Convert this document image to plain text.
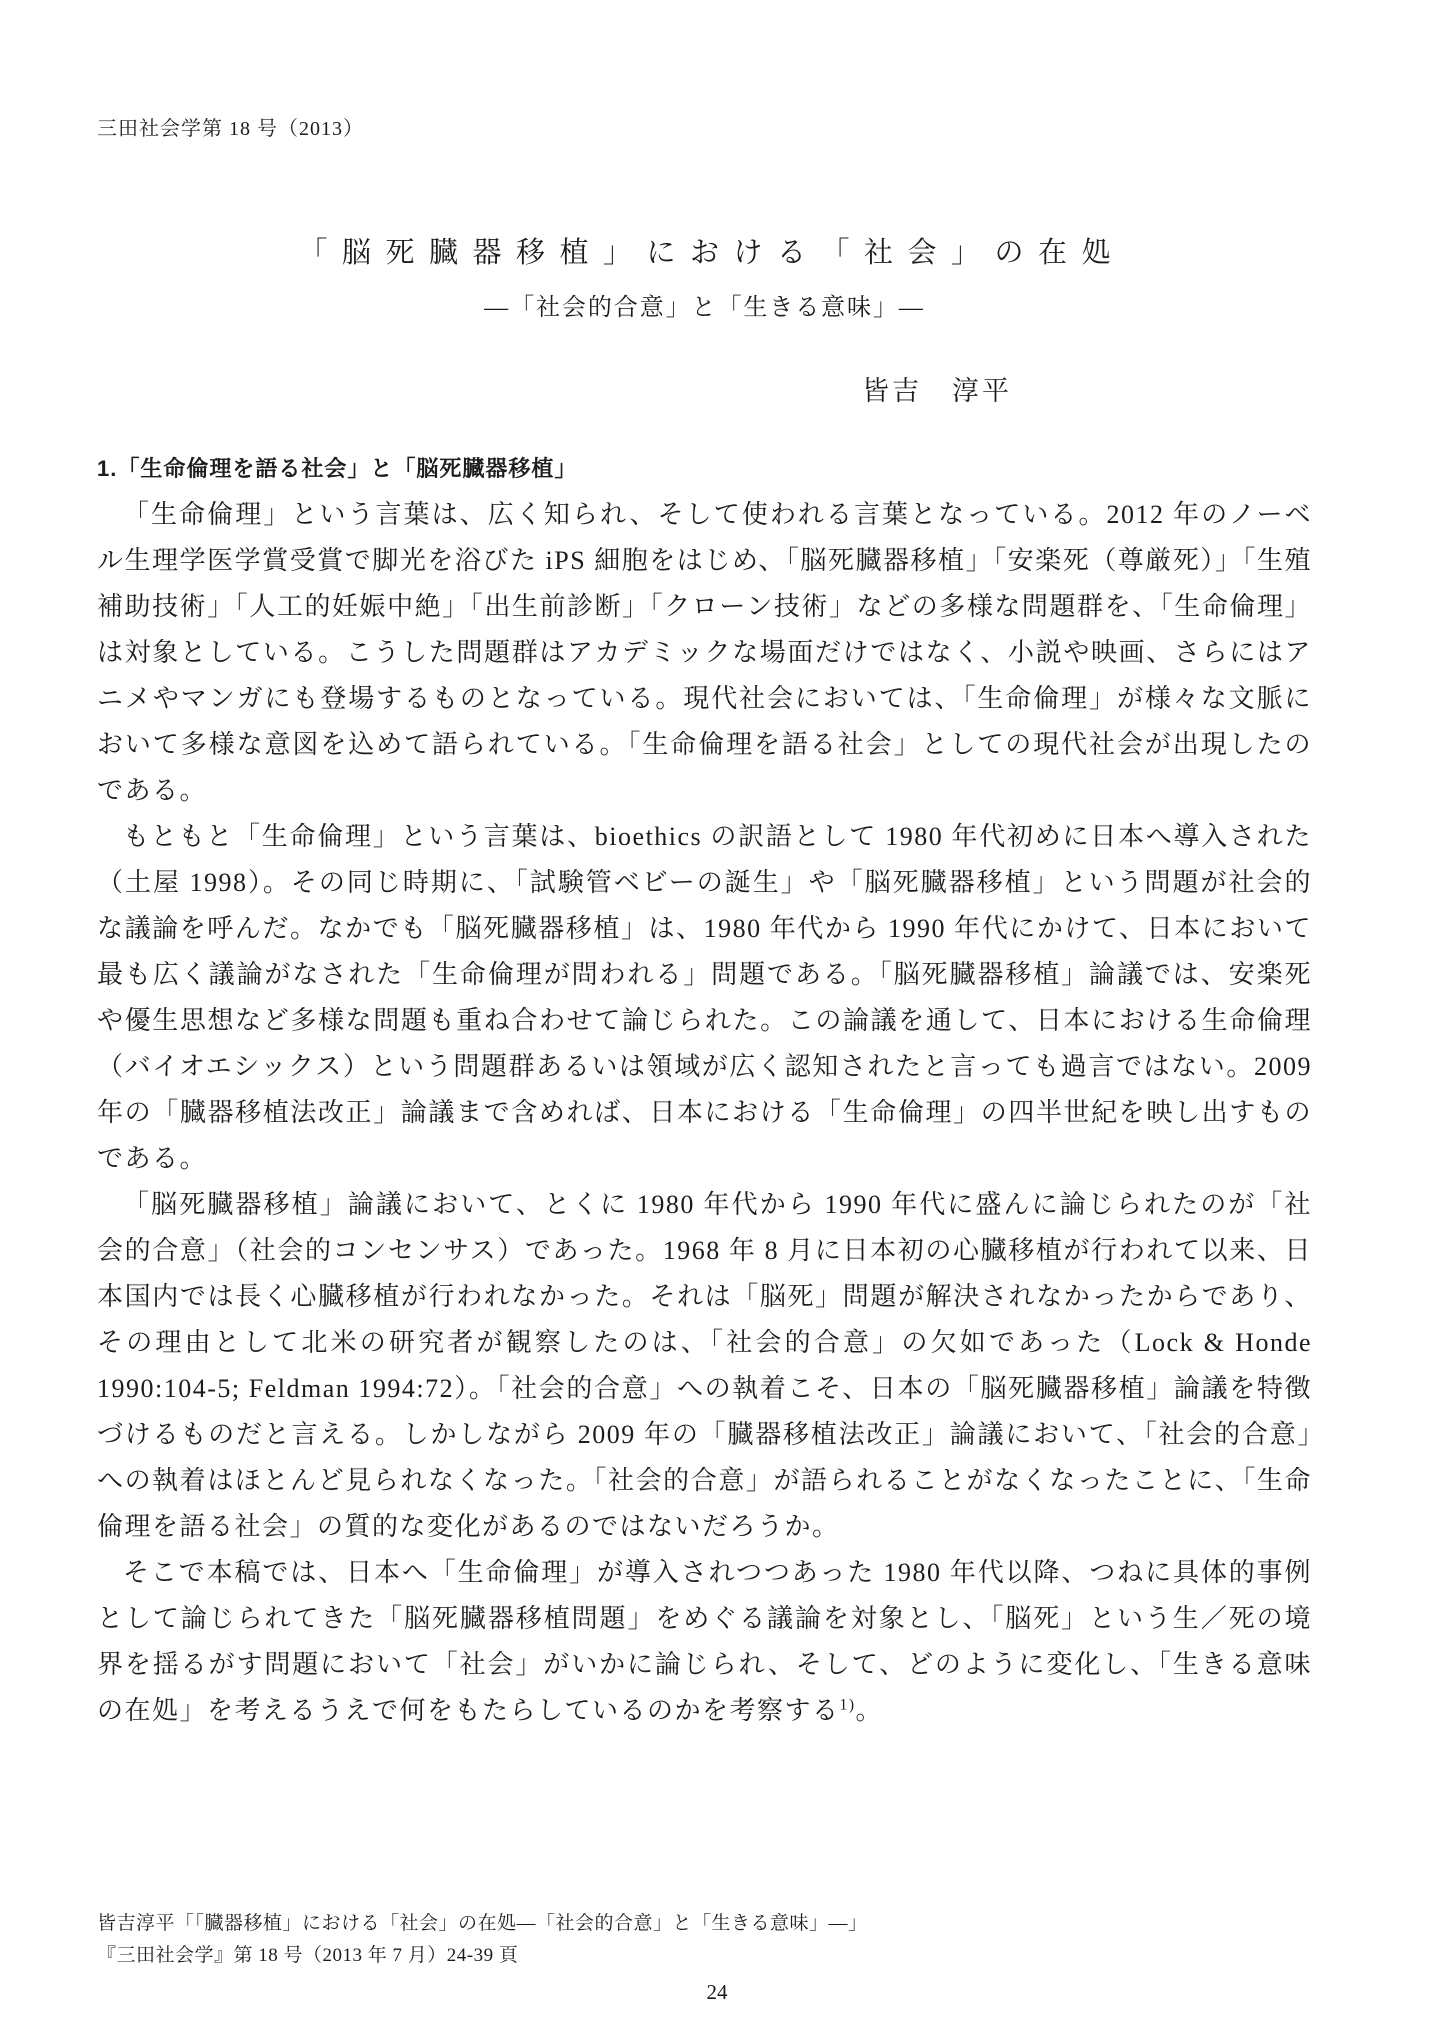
三田社会学第 18 号（2013）
「脳死臓器移植」における「社会」の在処
―「社会的合意」と「生きる意味」―
皆吉　淳平
1.「生命倫理を語る社会」と「脳死臓器移植」

「生命倫理」という言葉は、広く知られ、そして使われる言葉となっている。2012 年のノーベル生理学医学賞受賞で脚光を浴びた iPS 細胞をはじめ、「脳死臓器移植」「安楽死（尊厳死）」「生殖補助技術」「人工的妊娠中絶」「出生前診断」「クローン技術」などの多様な問題群を、「生命倫理」は対象としている。こうした問題群はアカデミックな場面だけではなく、小説や映画、さらにはアニメやマンガにも登場するものとなっている。現代社会においては、「生命倫理」が様々な文脈において多様な意図を込めて語られている。「生命倫理を語る社会」としての現代社会が出現したのである。

もともと「生命倫理」という言葉は、bioethics の訳語として 1980 年代初めに日本へ導入された（土屋 1998）。その同じ時期に、「試験管ベビーの誕生」や「脳死臓器移植」という問題が社会的な議論を呼んだ。なかでも「脳死臓器移植」は、1980 年代から 1990 年代にかけて、日本において最も広く議論がなされた「生命倫理が問われる」問題である。「脳死臓器移植」論議では、安楽死や優生思想など多様な問題も重ね合わせて論じられた。この論議を通して、日本における生命倫理（バイオエシックス）という問題群あるいは領域が広く認知されたと言っても過言ではない。2009 年の「臓器移植法改正」論議まで含めれば、日本における「生命倫理」の四半世紀を映し出すものである。

「脳死臓器移植」論議において、とくに 1980 年代から 1990 年代に盛んに論じられたのが「社会的合意」（社会的コンセンサス）であった。1968 年 8 月に日本初の心臓移植が行われて以来、日本国内では長く心臓移植が行われなかった。それは「脳死」問題が解決されなかったからであり、その理由として北米の研究者が観察したのは、「社会的合意」の欠如であった（Lock & Honde 1990:104-5; Feldman 1994:72）。「社会的合意」への執着こそ、日本の「脳死臓器移植」論議を特徴づけるものだと言える。しかしながら 2009 年の「臓器移植法改正」論議において、「社会的合意」への執着はほとんど見られなくなった。「社会的合意」が語られることがなくなったことに、「生命倫理を語る社会」の質的な変化があるのではないだろうか。

そこで本稿では、日本へ「生命倫理」が導入されつつあった 1980 年代以降、つねに具体的事例として論じられてきた「脳死臓器移植問題」をめぐる議論を対象とし、「脳死」という生／死の境界を揺るがす問題において「社会」がいかに論じられ、そして、どのように変化し、「生きる意味の在処」を考えるうえで何をもたらしているのかを考察する$^{1)}$。

皆吉淳平「「臓器移植」における「社会」の在処―「社会的合意」と「生きる意味」―」
『三田社会学』第 18 号（2013 年 7 月）24-39 頁
24
